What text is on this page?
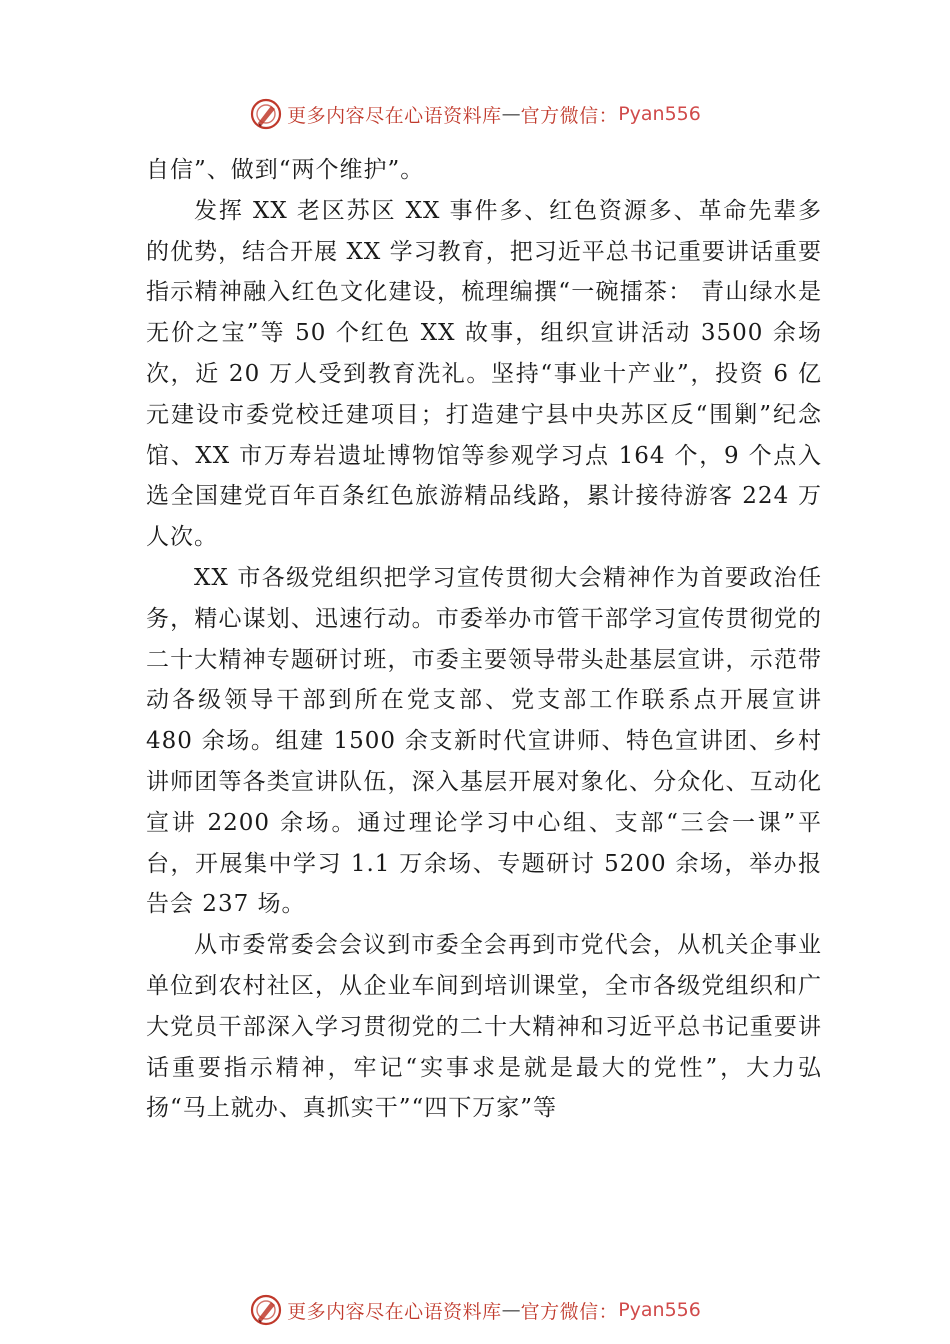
更多内容尽在心语资料库 — 官方微信： Pyan556

自信”、做到“两个维护”。

发挥 XX 老区苏区 XX 事件多、红色资源多、革命先辈多的优势，结合开展 XX 学习教育，把习近平总书记重要讲话重要指示精神融入红色文化建设，梳理编撰“一碗擂茶： 青山绿水是无价之宝”等 50 个红色 XX 故事，组织宣讲活动 3500 余场次，近 20 万人受到教育洗礼。坚持“事业十产业”，投资 6 亿元建设市委党校迁建项目；打造建宁县中央苏区反“围剿”纪念馆、XX 市万寿岩遗址博物馆等参观学习点 164 个，9 个点入选全国建党百年百条红色旅游精品线路，累计接待游客 224 万人次。

XX 市各级党组织把学习宣传贯彻大会精神作为首要政治任务，精心谋划、迅速行动。市委举办市管干部学习宣传贯彻党的二十大精神专题研讨班，市委主要领导带头赴基层宣讲，示范带动各级领导干部到所在党支部、党支部工作联系点开展宣讲 480 余场。组建 1500 余支新时代宣讲师、特色宣讲团、乡村讲师团等各类宣讲队伍，深入基层开展对象化、分众化、互动化宣讲 2200 余场。通过理论学习中心组、支部“三会一课”平台，开展集中学习 1.1 万余场、专题研讨 5200 余场，举办报告会 237 场。

从市委常委会会议到市委全会再到市党代会，从机关企事业单位到农村社区，从企业车间到培训课堂，全市各级党组织和广大党员干部深入学习贯彻党的二十大精神和习近平总书记重要讲话重要指示精神，牢记“实事求是就是最大的党性”，大力弘扬“马上就办、真抓实干”“四下万家”等

更多内容尽在心语资料库 — 官方微信： Pyan556
